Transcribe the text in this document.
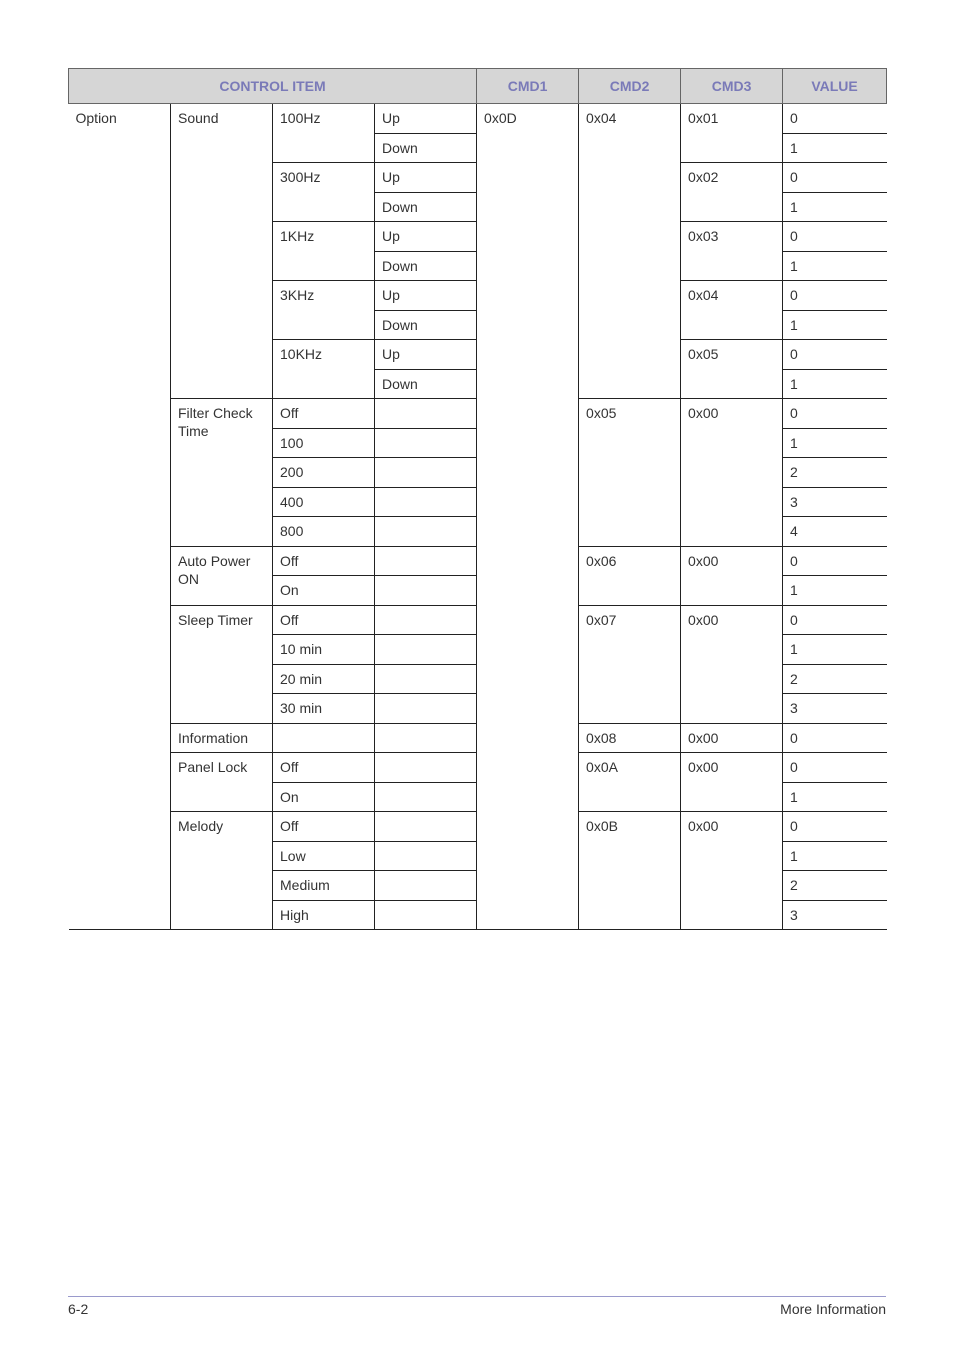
CONTROL ITEM				CMD1	CMD2	CMD3	VALUE
Option	Sound	100Hz	Up	0x0D	0x04	0x01	0
			Down				1
		300Hz	Up			0x02	0
			Down				1
		1KHz	Up			0x03	0
			Down				1
		3KHz	Up			0x04	0
			Down				1
		10KHz	Up			0x05	0
			Down				1
	Filter Check Time	Off			0x05	0x00	0
		100					1
		200					2
		400					3
		800					4
	Auto Power ON	Off			0x06	0x00	0
		On					1
	Sleep Timer	Off			0x07	0x00	0
		10 min					1
		20 min					2
		30 min					3
	Information				0x08	0x00	0
	Panel Lock	Off			0x0A	0x00	0
		On					1
	Melody	Off			0x0B	0x00	0
		Low					1
		Medium					2
		High					3
6-2	More Information
